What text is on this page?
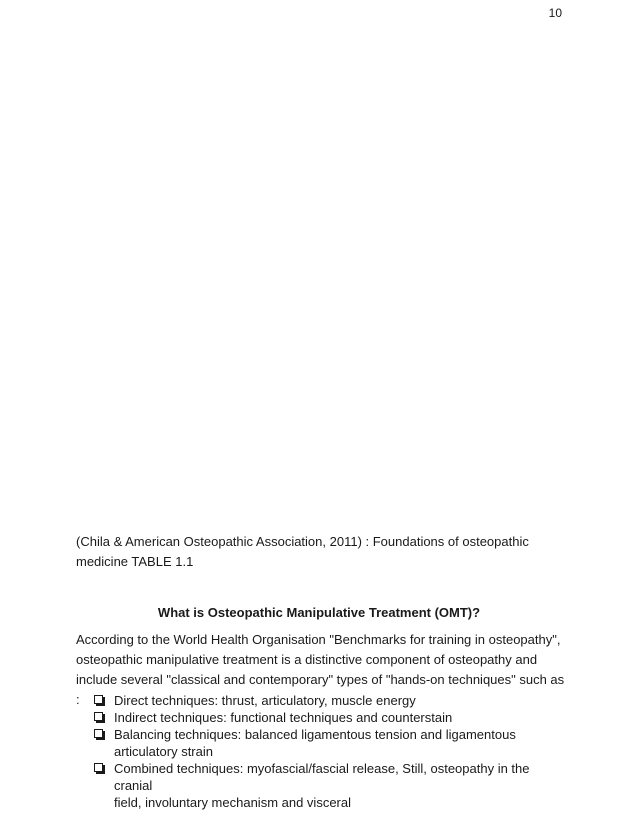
10
(Chila & American Osteopathic Association, 2011) : Foundations of osteopathic
medicine TABLE 1.1
What is Osteopathic Manipulative Treatment (OMT)?
According to the World Health Organisation "Benchmarks for training in osteopathy",
osteopathic manipulative treatment is a distinctive component of osteopathy and
include several "classical and contemporary" types of "hands-on techniques" such as :	Direct techniques: thrust, articulatory, muscle energy
Indirect techniques: functional techniques and counterstain
Balancing techniques: balanced ligamentous tension and ligamentous
articulatory strain
Combined techniques: myofascial/fascial release, Still, osteopathy in the cranial
field, involuntary mechanism and visceral
